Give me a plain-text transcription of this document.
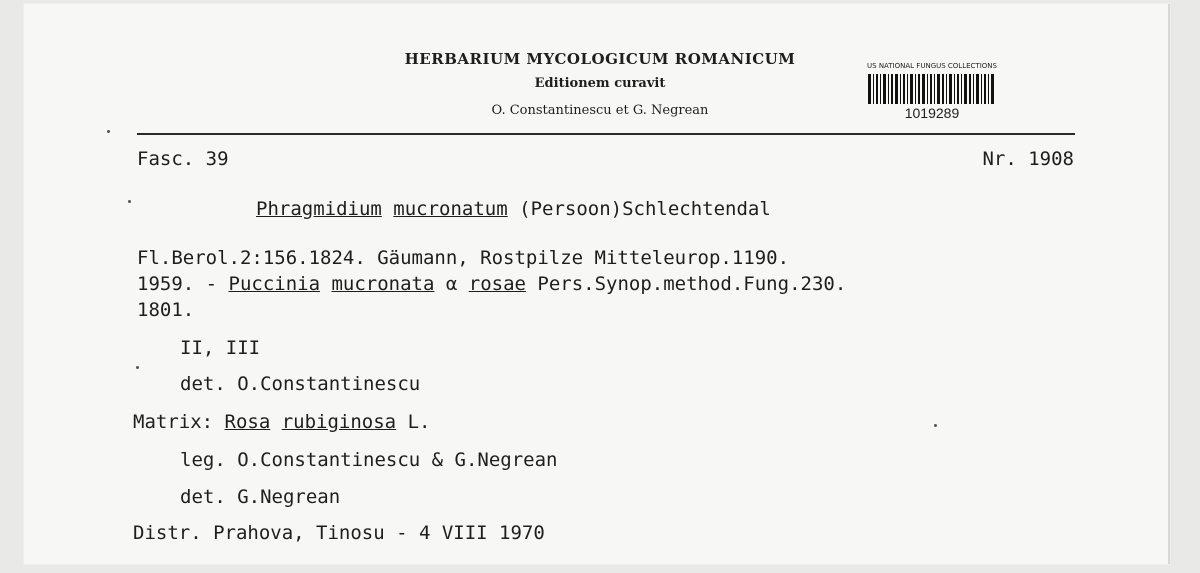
HERBARIUM MYCOLOGICUM ROMANICUM
Editionem curavit
O. Constantinescu et G. Negrean
US NATIONAL FUNGUS COLLECTIONS
1019289
Fasc. 39	Nr. 1908
Phragmidium mucronatum (Persoon)Schlechtendal
Fl.Berol.2:156.1824. Gäumann, Rostpilze Mitteleurop.1190.
1959. - Puccinia mucronata α rosae Pers.Synop.method.Fung.230.
1801.
II, III
det. O.Constantinescu
Matrix: Rosa rubiginosa L.
leg. O.Constantinescu & G.Negrean
det. G.Negrean
Distr. Prahova, Tinosu - 4 VIII 1970
